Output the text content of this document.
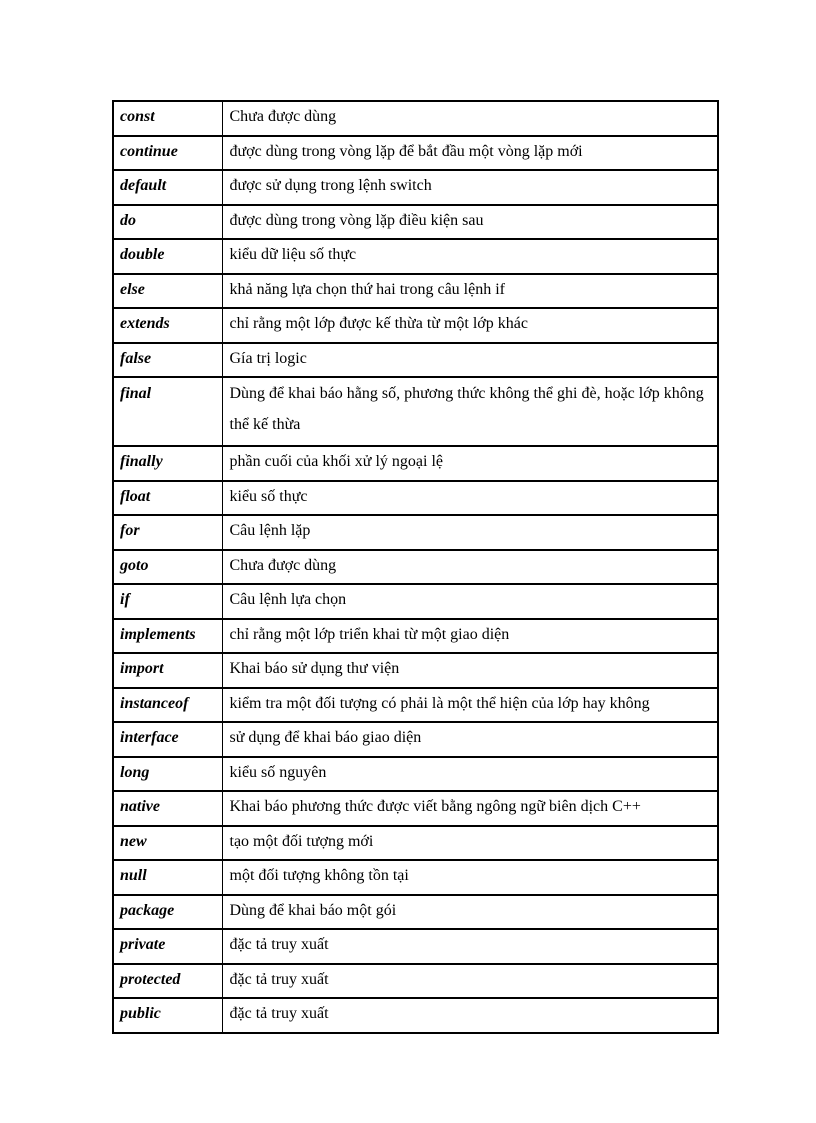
const	Chưa được dùng
continue	được dùng trong vòng lặp để bắt đầu một vòng lặp mới
default	được sử dụng trong lệnh switch
do	được dùng trong vòng lặp điều kiện sau
double	kiểu dữ liệu số thực
else	khả năng lựa chọn thứ hai trong câu lệnh if
extends	chỉ rằng một lớp được kế thừa từ một lớp khác
false	Gía trị logic
final	Dùng để khai báo hằng số, phương thức không thể ghi đè, hoặc lớp không thể kế thừa
finally	phần cuối của khối xử lý ngoại lệ
float	kiểu số thực
for	Câu lệnh lặp
goto	Chưa được dùng
if	Câu lệnh lựa chọn
implements	chỉ rằng một lớp triển khai từ một giao diện
import	Khai báo sử dụng thư viện
instanceof	kiểm tra một đối tượng có phải là một thể hiện của lớp hay không
interface	sử dụng để khai báo giao diện
long	kiểu số nguyên
native	Khai báo phương thức được viết bằng ngông ngữ biên dịch C++
new	tạo một đối tượng mới
null	một đối tượng không tồn tại
package	Dùng để khai báo một gói
private	đặc tả truy xuất
protected	đặc tả truy xuất
public	đặc tả truy xuất
